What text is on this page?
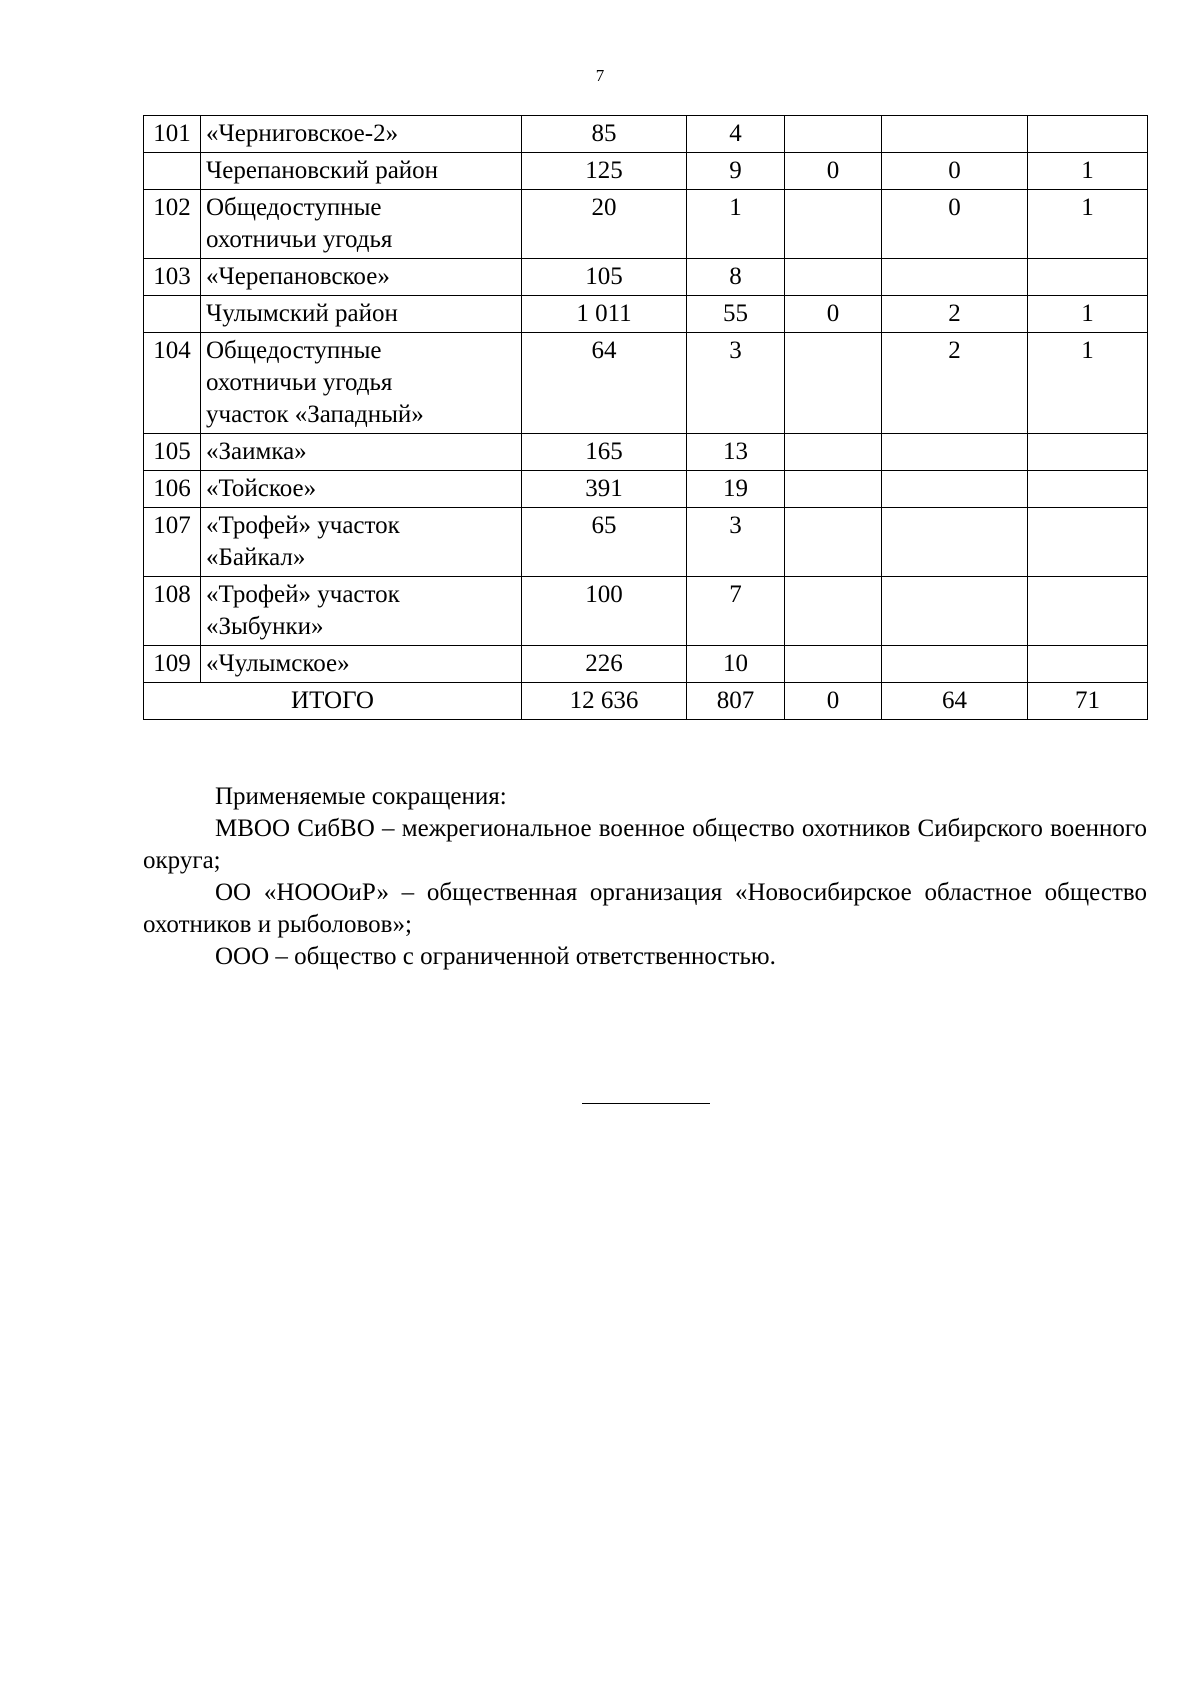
7
101	«Черниговское-2»	85	4			
	Черепановский район	125	9	0	0	1
102	Общедоступные
охотничьи угодья	20	1		0	1
103	«Черепановское»	105	8			
	Чулымский район	1 011	55	0	2	1
104	Общедоступные
охотничьи угодья
участок «Западный»	64	3		2	1
105	«Заимка»	165	13			
106	«Тойское»	391	19			
107	«Трофей» участок
«Байкал»	65	3			
108	«Трофей» участок
«Зыбунки»	100	7			
109	«Чулымское»	226	10			
ИТОГО		12 636	807	0	64	71

Применяемые сокращения:

МВОО СибВО – межрегиональное военное общество охотников Сибирского военного округа;

ОО «НОООиР» – общественная организация «Новосибирское областное общество охотников и рыболовов»;

ООО – общество с ограниченной ответственностью.
